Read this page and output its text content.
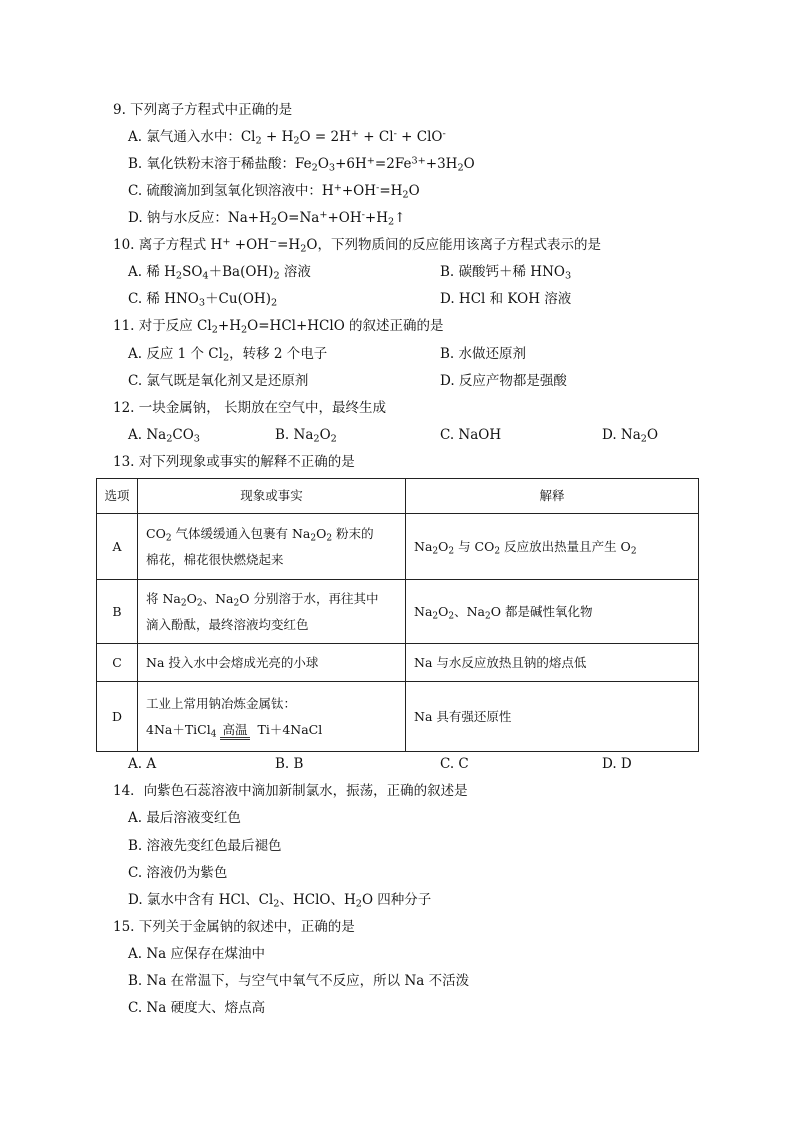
9. 下列离子方程式中正确的是
A. 氯气通入水中：$Cl_2 + H_2O = 2H^+ + Cl^- + ClO^-$
B. 氧化铁粉末溶于稀盐酸：$Fe_2O_3+6H^+=2Fe^{3+}+3H_2O$
C. 硫酸滴加到氢氧化钡溶液中：$H^++OH^-=H_2O$
D. 钠与水反应：$Na+H_2O=Na^++OH^-+H_2↑$
10. 离子方程式 $H^+ +OH^-=H_2O$，下列物质间的反应能用该离子方程式表示的是
A. 稀 $H_2SO_4+Ba(OH)_2$ 溶液	B. 碳酸钙＋稀 $HNO_3$
C. 稀 $HNO_3+Cu(OH)_2$	D. HCl 和 KOH 溶液
11. 对于反应 $Cl_2+H_2O=HCl+HClO$ 的叙述正确的是
A. 反应 1 个 $Cl_2$，转移 2 个电子	B. 水做还原剂
C. 氯气既是氧化剂又是还原剂	D. 反应产物都是强酸
12. 一块金属钠， 长期放在空气中，最终生成
A. $Na_2CO_3$	B. $Na_2O_2$	C. NaOH	D. $Na_2O$
13. 对下列现象或事实的解释不正确的是
选项	现象或事实	解释
A	$CO_2$ 气体缓缓通入包裹有 $Na_2O_2$ 粉末的
棉花，棉花很快燃烧起来	$Na_2O_2$ 与 $CO_2$ 反应放出热量且产生 $O_2$
B	将 $Na_2O_2$、$Na_2O$ 分别溶于水，再往其中
滴入酚酞，最终溶液均变红色	$Na_2O_2$、$Na_2O$ 都是碱性氧化物
C	Na 投入水中会熔成光亮的小球	Na 与水反应放热且钠的熔点低
D	工业上常用钠冶炼金属钛：
4Na＋TiCl$_4$ 高温 Ti＋4NaCl	Na 具有强还原性
A. A	B. B	C. C	D. D
14．向紫色石蕊溶液中滴加新制氯水，振荡，正确的叙述是
A. 最后溶液变红色
B. 溶液先变红色最后褪色
C. 溶液仍为紫色
D. 氯水中含有 HCl、$Cl_2$、HClO、$H_2O$ 四种分子
15. 下列关于金属钠的叙述中，正确的是
A. Na 应保存在煤油中
B. Na 在常温下，与空气中氧气不反应，所以 Na 不活泼
C. Na 硬度大、熔点高
